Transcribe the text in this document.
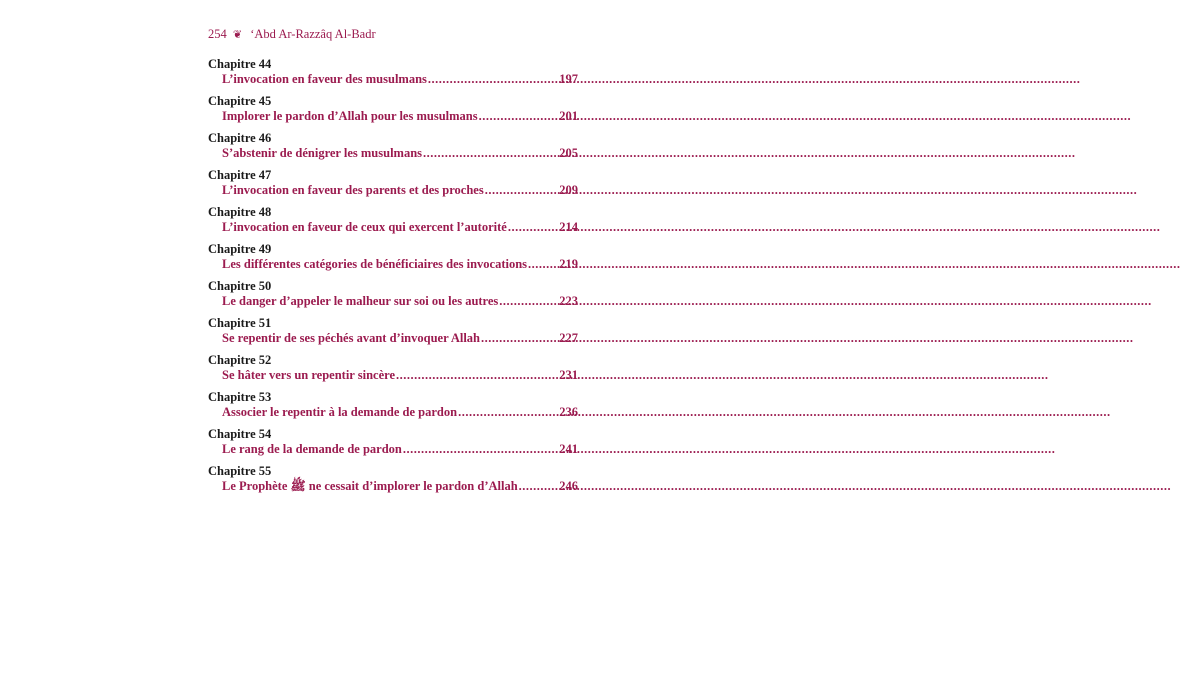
254 ❦ ‘Abd Ar-Razzâq Al-Badr
Chapitre 44
L’invocation en faveur des musulmans .....	197
Chapitre 45
Implorer le pardon d’Allah pour les musulmans .....	201
Chapitre 46
S’abstenir de dénigrer les musulmans .....	205
Chapitre 47
L’invocation en faveur des parents et des proches .....	209
Chapitre 48
L’invocation en faveur de ceux qui exercent l’autorité .....	214
Chapitre 49
Les différentes catégories de bénéficiaires des invocations .....	219
Chapitre 50
Le danger d’appeler le malheur sur soi ou les autres .....	223
Chapitre 51
Se repentir de ses péchés avant d’invoquer Allah .....	227
Chapitre 52
Se hâter vers un repentir sincère .....	231
Chapitre 53
Associer le repentir à la demande de pardon .....	236
Chapitre 54
Le rang de la demande de pardon .....	241
Chapitre 55
Le Prophète ﷺ ne cessait d’implorer le pardon d’Allah .....	246
